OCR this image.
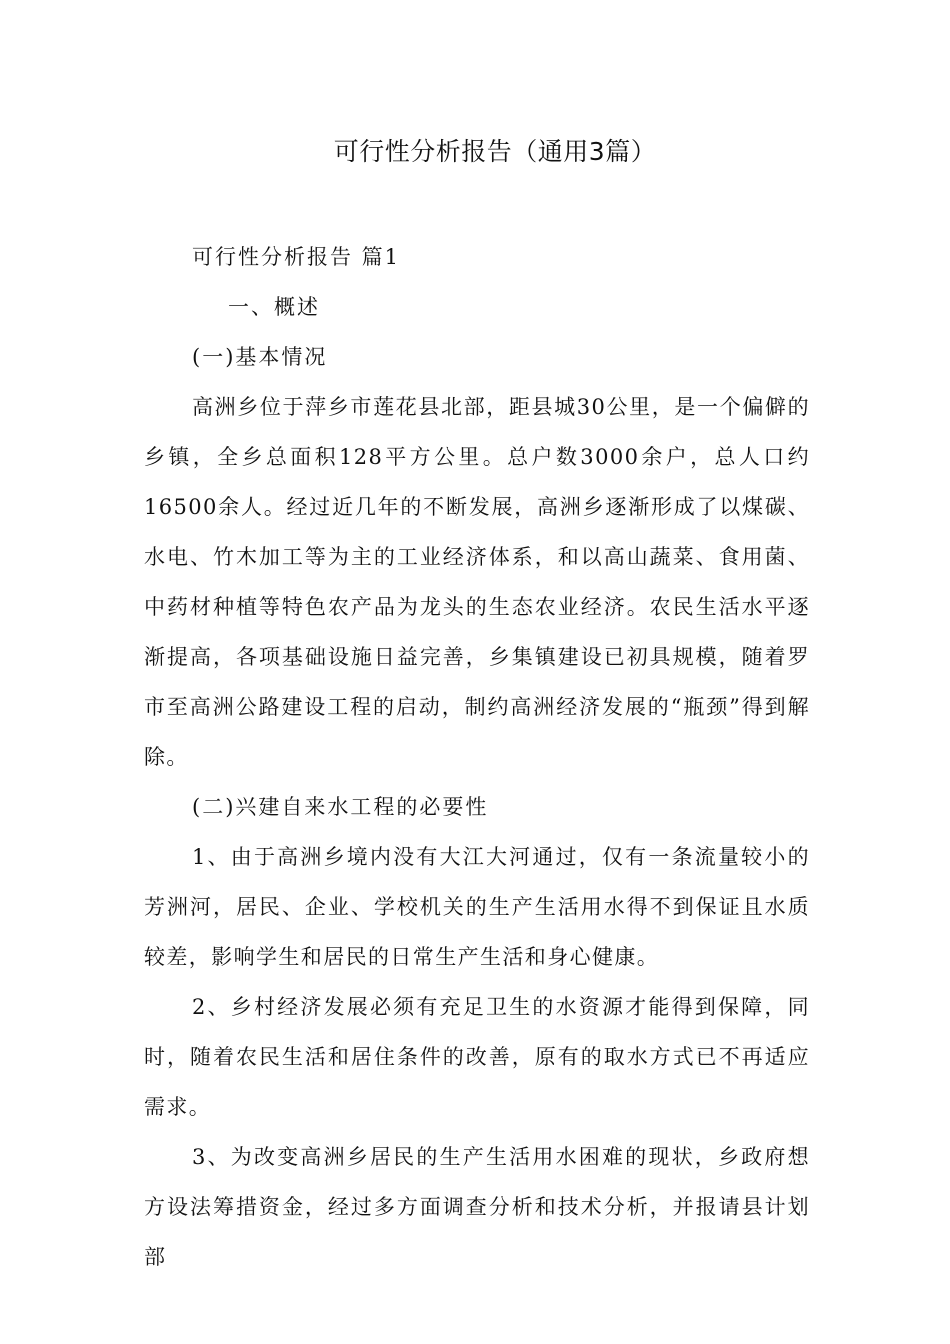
可行性分析报告（通用3篇）

可行性分析报告 篇1

一、概述

(一)基本情况

高洲乡位于萍乡市莲花县北部，距县城30公里，是一个偏僻的乡镇，全乡总面积128平方公里。总户数3000余户，总人口约16500余人。经过近几年的不断发展，高洲乡逐渐形成了以煤碳、水电、竹木加工等为主的工业经济体系，和以高山蔬菜、食用菌、中药材种植等特色农产品为龙头的生态农业经济。农民生活水平逐渐提高，各项基础设施日益完善，乡集镇建设已初具规模，随着罗市至高洲公路建设工程的启动，制约高洲经济发展的“瓶颈”得到解除。

(二)兴建自来水工程的必要性

1、由于高洲乡境内没有大江大河通过，仅有一条流量较小的芳洲河，居民、企业、学校机关的生产生活用水得不到保证且水质较差，影响学生和居民的日常生产生活和身心健康。

2、乡村经济发展必须有充足卫生的水资源才能得到保障，同时，随着农民生活和居住条件的改善，原有的取水方式已不再适应需求。

3、为改变高洲乡居民的生产生活用水困难的现状，乡政府想方设法筹措资金，经过多方面调查分析和技术分析，并报请县计划部
